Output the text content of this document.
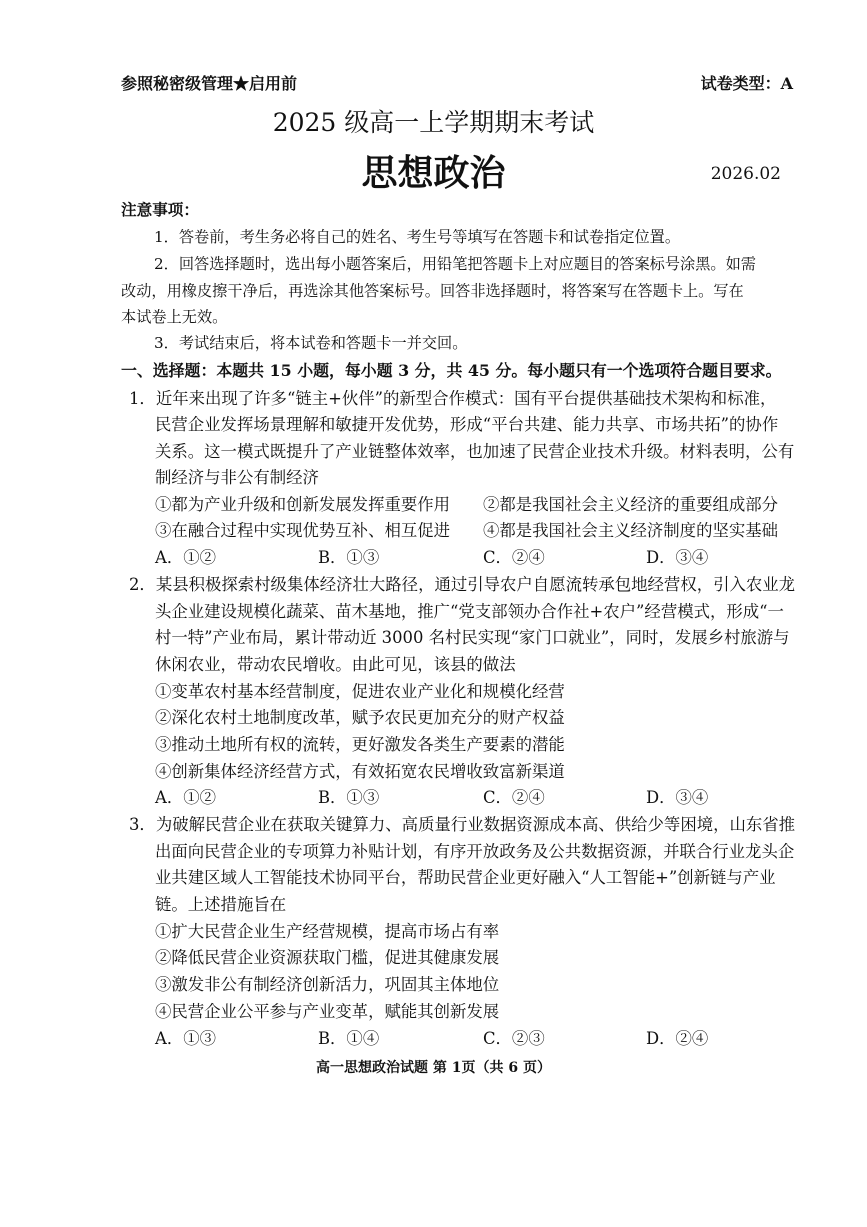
参照秘密级管理★启用前	试卷类型：A
2025 级高一上学期期末考试
思想政治	2026.02
注意事项：
1．答卷前，考生务必将自己的姓名、考生号等填写在答题卡和试卷指定位置。
2．回答选择题时，选出每小题答案后，用铅笔把答题卡上对应题目的答案标号涂黑。如需
改动，用橡皮擦干净后，再选涂其他答案标号。回答非选择题时，将答案写在答题卡上。写在
本试卷上无效。
3．考试结束后，将本试卷和答题卡一并交回。
一、选择题：本题共 15 小题，每小题 3 分，共 45 分。每小题只有一个选项符合题目要求。
1．近年来出现了许多“链主+伙伴”的新型合作模式：国有平台提供基础技术架构和标准，
民营企业发挥场景理解和敏捷开发优势，形成“平台共建、能力共享、市场共拓”的协作
关系。这一模式既提升了产业链整体效率，也加速了民营企业技术升级。材料表明，公有
制经济与非公有制经济
①都为产业升级和创新发展发挥重要作用 ②都是我国社会主义经济的重要组成部分
③在融合过程中实现优势互补、相互促进 ④都是我国社会主义经济制度的坚实基础
A．①②	B．①③	C．②④	D．③④
2．某县积极探索村级集体经济壮大路径，通过引导农户自愿流转承包地经营权，引入农业龙
头企业建设规模化蔬菜、苗木基地，推广“党支部领办合作社+农户”经营模式，形成“一
村一特”产业布局，累计带动近 3000 名村民实现“家门口就业”，同时，发展乡村旅游与
休闲农业，带动农民增收。由此可见，该县的做法
①变革农村基本经营制度，促进农业产业化和规模化经营
②深化农村土地制度改革，赋予农民更加充分的财产权益
③推动土地所有权的流转，更好激发各类生产要素的潜能
④创新集体经济经营方式，有效拓宽农民增收致富新渠道
A．①②	B．①③	C．②④	D．③④
3．为破解民营企业在获取关键算力、高质量行业数据资源成本高、供给少等困境，山东省推
出面向民营企业的专项算力补贴计划，有序开放政务及公共数据资源，并联合行业龙头企
业共建区域人工智能技术协同平台，帮助民营企业更好融入“人工智能+”创新链与产业
链。上述措施旨在
①扩大民营企业生产经营规模，提高市场占有率
②降低民营企业资源获取门槛，促进其健康发展
③激发非公有制经济创新活力，巩固其主体地位
④民营企业公平参与产业变革，赋能其创新发展
A．①③	B．①④	C．②③	D．②④
高一思想政治试题 第 1页（共 6 页）
